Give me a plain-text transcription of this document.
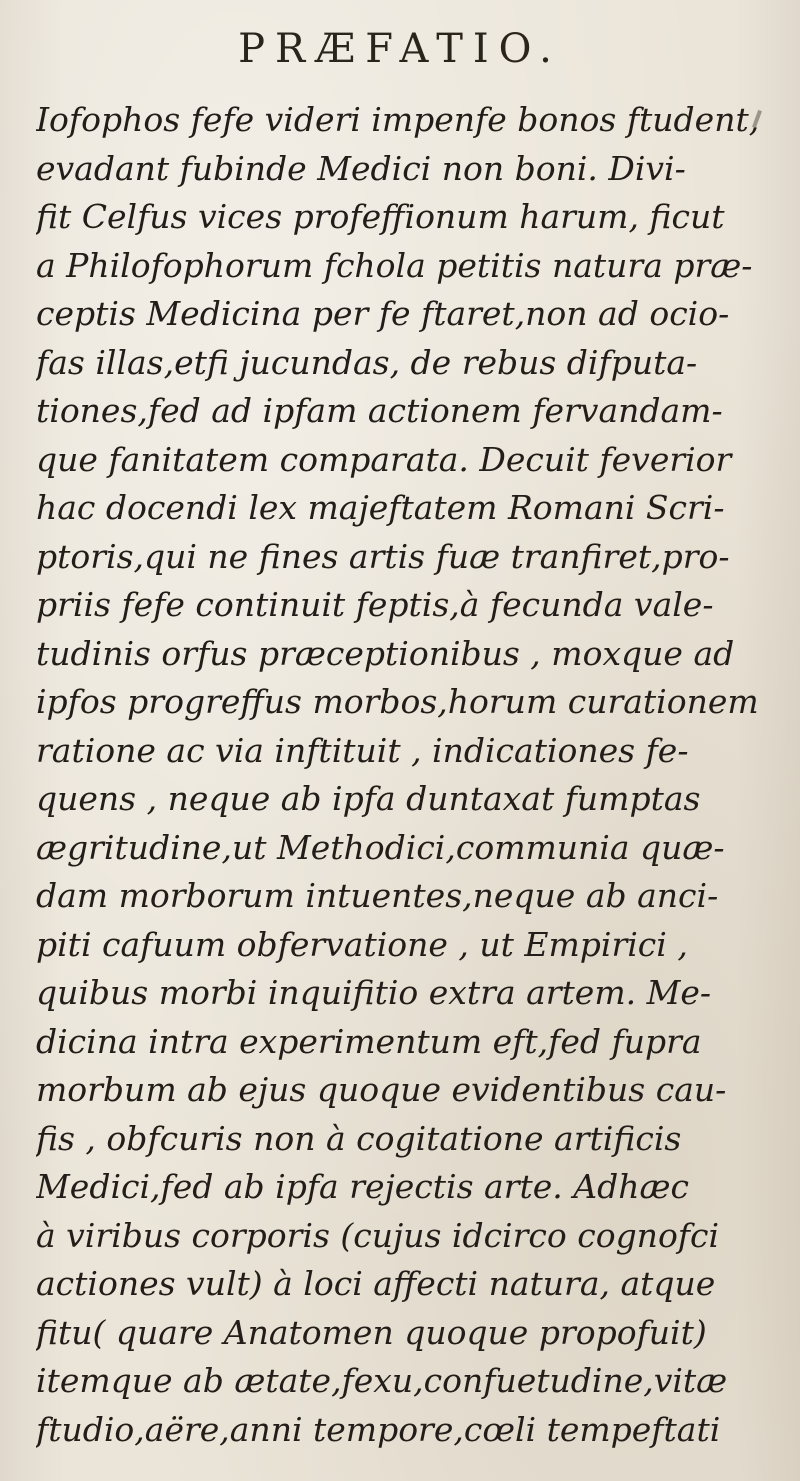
PRÆFATIO.
Iofophos fefe videri impenfe bonos ftudent,
evadant fubinde Medici non boni. Divi-
fit Celfus vices profeffionum harum, ficut
a Philofophorum fchola petitis natura præ-
ceptis Medicina per fe ftaret,non ad ocio-
fas illas,etfi jucundas, de rebus difputa-
tiones,fed ad ipfam actionem fervandam-
que fanitatem comparata. Decuit feverior
hac docendi lex majeftatem Romani Scri-
ptoris,qui ne fines artis fuæ tranfiret,pro-
priis fefe continuit feptis,à fecunda vale-
tudinis orfus præceptionibus , moxque ad
ipfos progreffus morbos,horum curationem
ratione ac via inftituit , indicationes fe-
quens , neque ab ipfa duntaxat fumptas
ægritudine,ut Methodici,communia quæ-
dam morborum intuentes,neque ab anci-
piti cafuum obfervatione , ut Empirici ,
quibus morbi inquifitio extra artem. Me-
dicina intra experimentum eft,fed fupra
morbum ab ejus quoque evidentibus cau-
fis , obfcuris non à cogitatione artificis
Medici,fed ab ipfa rejectis arte. Adhæc
à viribus corporis (cujus idcirco cognofci
actiones vult) à loci affecti natura, atque
fitu( quare Anatomen quoque propofuit)
itemque ab ætate,fexu,confuetudine,vitæ
ftudio,aëre,anni tempore,cœli tempeftati
